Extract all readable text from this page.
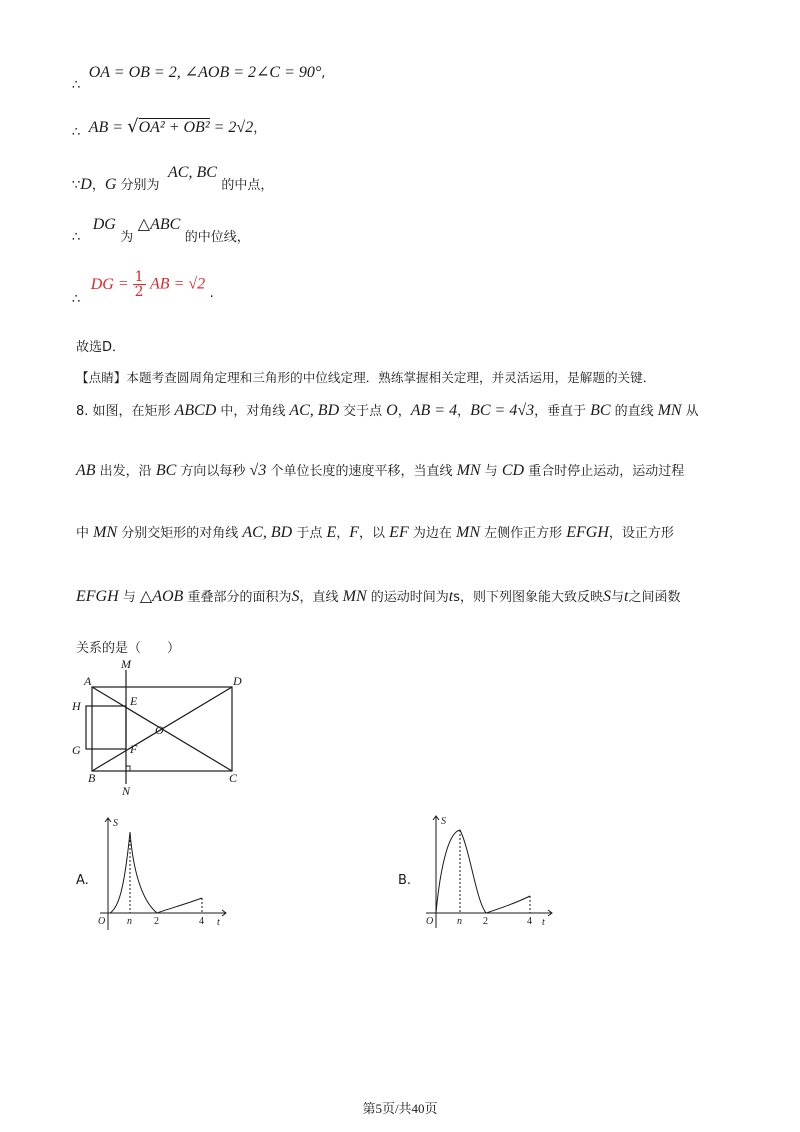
∴ OA = OB = 2, ∠AOB = 2∠C = 90°,
∴ AB = √OA² + OB² = 2√2，
∵D，G 分别为 AC, BC 的中点，
∴ DG 为 △ABC 的中位线，
∴ DG = 1
2 AB = √2 .
故选D．
【点睛】本题考查圆周角定理和三角形的中位线定理．熟练掌握相关定理，并灵活运用，是解题的关键．
8. 如图，在矩形 ABCD 中，对角线 AC, BD 交于点 O，AB = 4，BC = 4√3，垂直于 BC 的直线 MN 从
AB 出发，沿 BC 方向以每秒 √3 个单位长度的速度平移，当直线 MN 与 CD 重合时停止运动，运动过程
中 MN 分别交矩形的对角线 AC, BD 于点 E，F，以 EF 为边在 MN 左侧作正方形 EFGH，设正方形
EFGH 与 △AOB 重叠部分的面积为S，直线 MN 的运动时间为ts，则下列图象能大致反映S与t之间函数
关系的是（　　）
M
A	D
H	E
O
G	F
B	C
N
A.
S
t
O n 2	4
B.
S
t
O n 2	4
第5页/共40页
